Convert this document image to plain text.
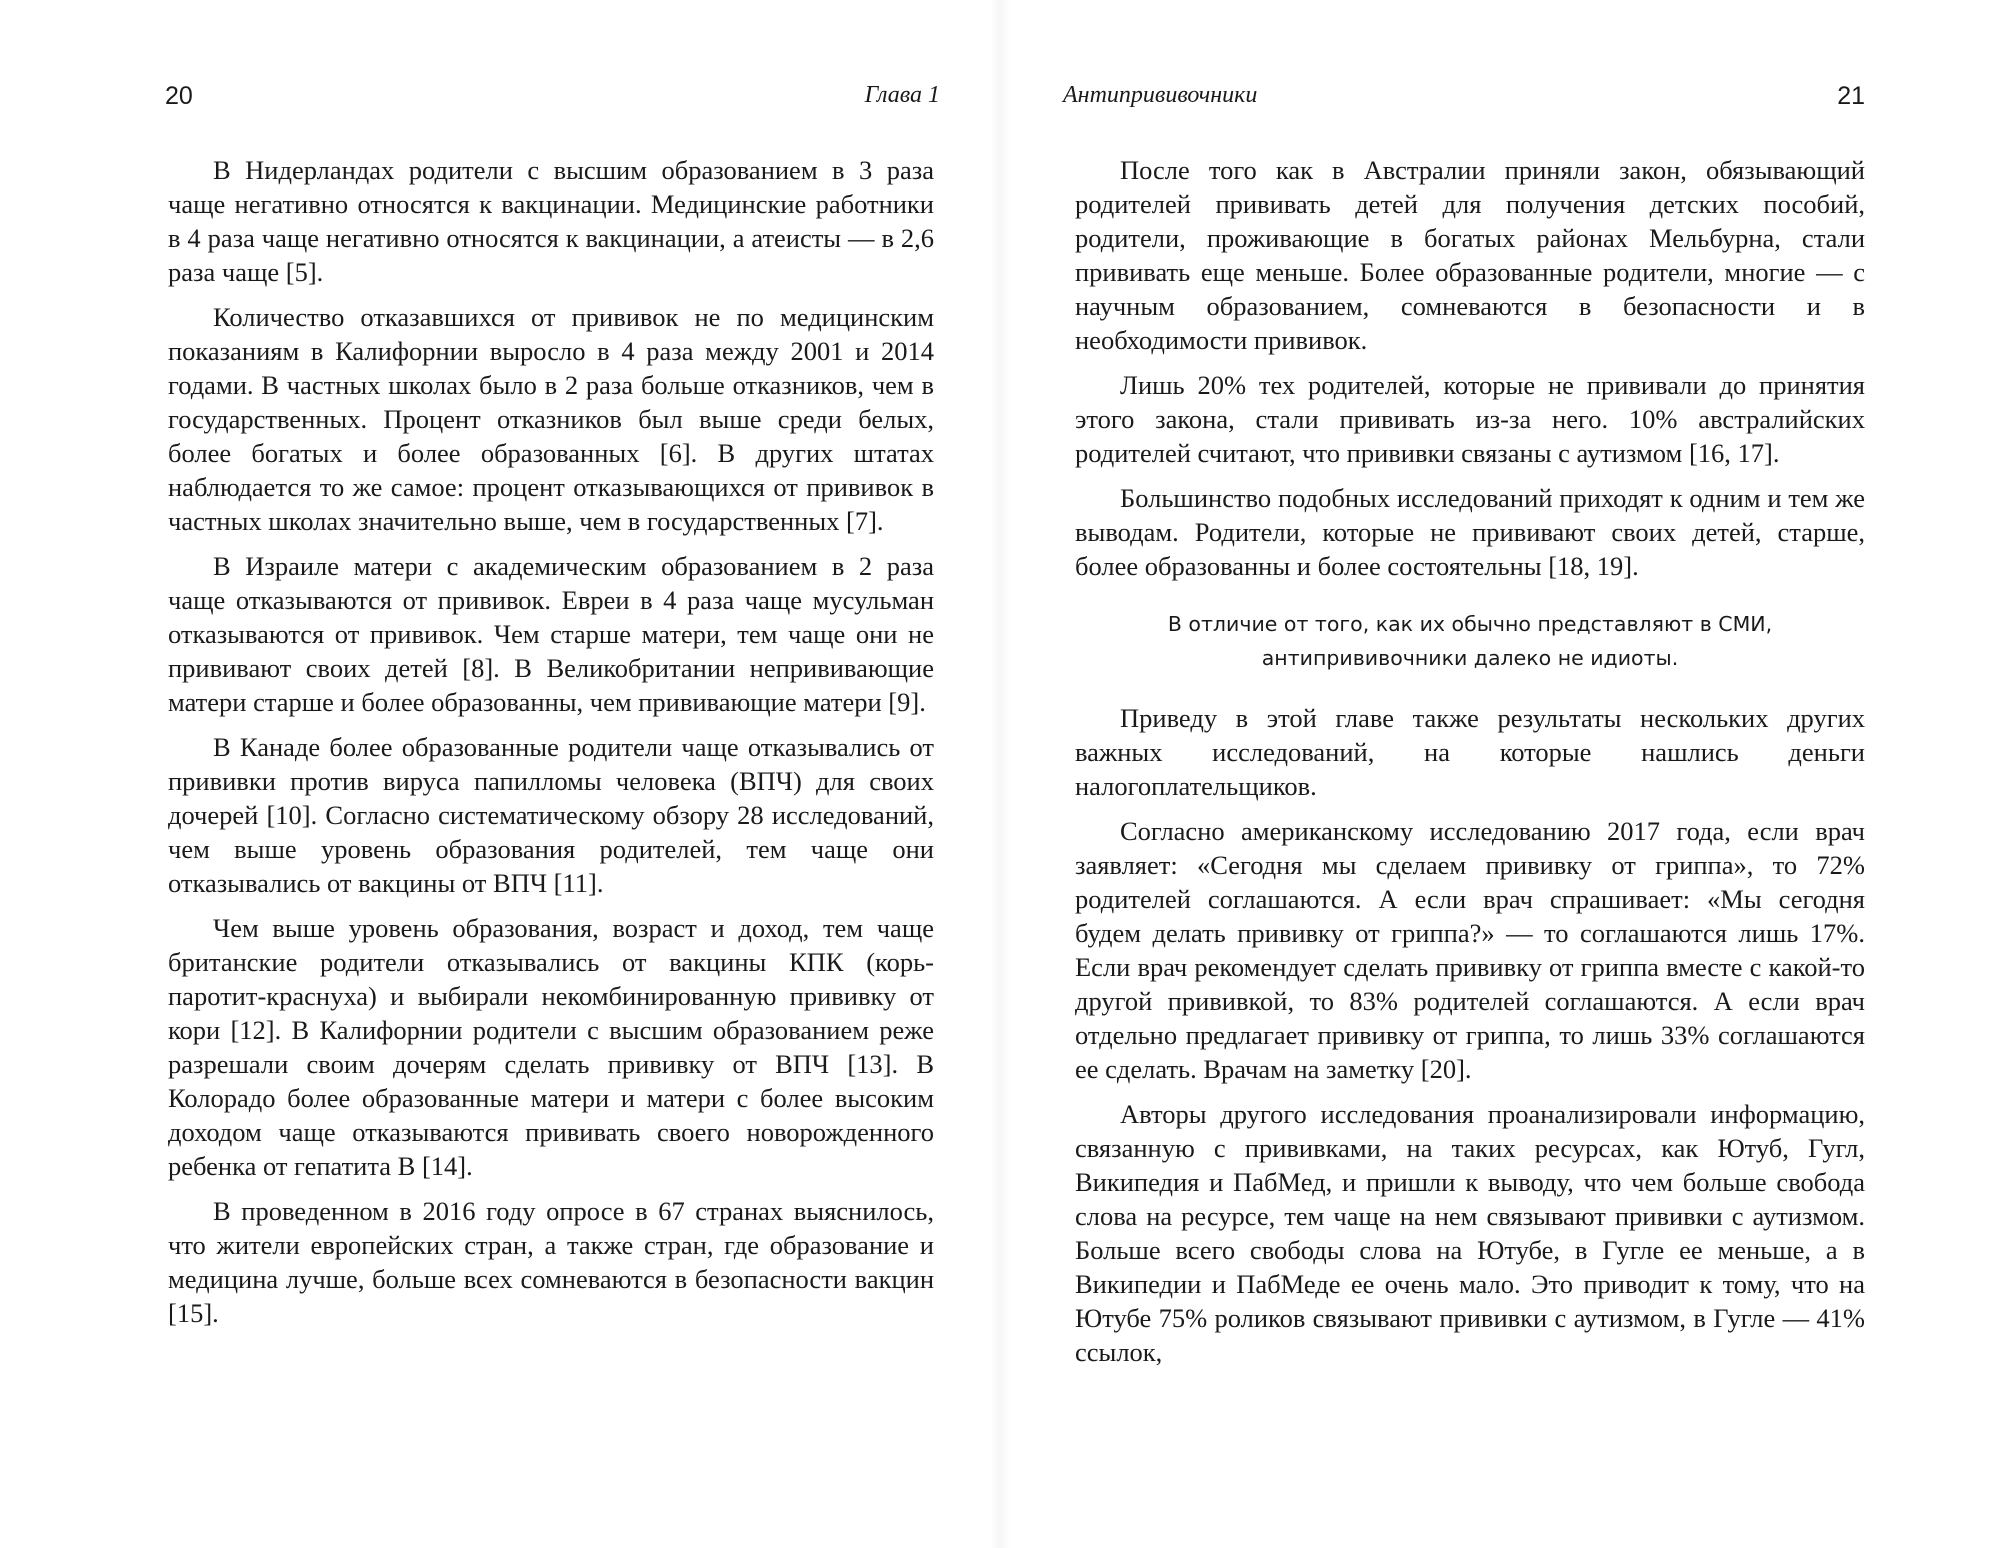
20	Глава 1

В Нидерландах родители с высшим образованием в 3 раза чаще негативно относятся к вакцинации. Медицинские работники в 4 раза чаще негативно относятся к вакцинации, а атеисты — в 2,6 раза чаще [5].

Количество отказавшихся от прививок не по медицинским показаниям в Калифорнии выросло в 4 раза между 2001 и 2014 годами. В частных школах было в 2 раза больше отказников, чем в государственных. Процент отказников был выше среди белых, более богатых и более образованных [6]. В других штатах наблюдается то же самое: процент отказывающихся от прививок в частных школах значительно выше, чем в государственных [7].

В Израиле матери с академическим образованием в 2 раза чаще отказываются от прививок. Евреи в 4 раза чаще мусульман отказываются от прививок. Чем старше матери, тем чаще они не прививают своих детей [8]. В Великобритании непрививающие матери старше и более образованны, чем прививающие матери [9].

В Канаде более образованные родители чаще отказывались от прививки против вируса папилломы человека (ВПЧ) для своих дочерей [10]. Согласно систематическому обзору 28 исследований, чем выше уровень образования родителей, тем чаще они отказывались от вакцины от ВПЧ [11].

Чем выше уровень образования, возраст и доход, тем чаще британские родители отказывались от вакцины КПК (корь-паротит-краснуха) и выбирали некомбинированную прививку от кори [12]. В Калифорнии родители с высшим образованием реже разрешали своим дочерям сделать прививку от ВПЧ [13]. В Колорадо более образованные матери и матери с более высоким доходом чаще отказываются прививать своего новорожденного ребенка от гепатита В [14].

В проведенном в 2016 году опросе в 67 странах выяснилось, что жители европейских стран, а также стран, где образование и медицина лучше, больше всех сомневаются в безопасности вакцин [15].

Антипрививочники	21

После того как в Австралии приняли закон, обязывающий родителей прививать детей для получения детских пособий, родители, проживающие в богатых районах Мельбурна, стали прививать еще меньше. Более образованные родители, многие — с научным образованием, сомневаются в безопасности и в необходимости прививок.

Лишь 20% тех родителей, которые не прививали до принятия этого закона, стали прививать из-за него. 10% австралийских родителей считают, что прививки связаны с аутизмом [16, 17].

Большинство подобных исследований приходят к одним и тем же выводам. Родители, которые не прививают своих детей, старше, более образованны и более состоятельны [18, 19].

В отличие от того, как их обычно представляют в СМИ, антипрививочники далеко не идиоты.

Приведу в этой главе также результаты нескольких других важных исследований, на которые нашлись деньги налогоплательщиков.

Согласно американскому исследованию 2017 года, если врач заявляет: «Сегодня мы сделаем прививку от гриппа», то 72% родителей соглашаются. А если врач спрашивает: «Мы сегодня будем делать прививку от гриппа?» — то соглашаются лишь 17%. Если врач рекомендует сделать прививку от гриппа вместе с какой-то другой прививкой, то 83% родителей соглашаются. А если врач отдельно предлагает прививку от гриппа, то лишь 33% соглашаются ее сделать. Врачам на заметку [20].

Авторы другого исследования проанализировали информацию, связанную с прививками, на таких ресурсах, как Ютуб, Гугл, Википедия и ПабМед, и пришли к выводу, что чем больше свобода слова на ресурсе, тем чаще на нем связывают прививки с аутизмом. Больше всего свободы слова на Ютубе, в Гугле ее меньше, а в Википедии и ПабМеде ее очень мало. Это приводит к тому, что на Ютубе 75% роликов связывают прививки с аутизмом, в Гугле — 41% ссылок,
